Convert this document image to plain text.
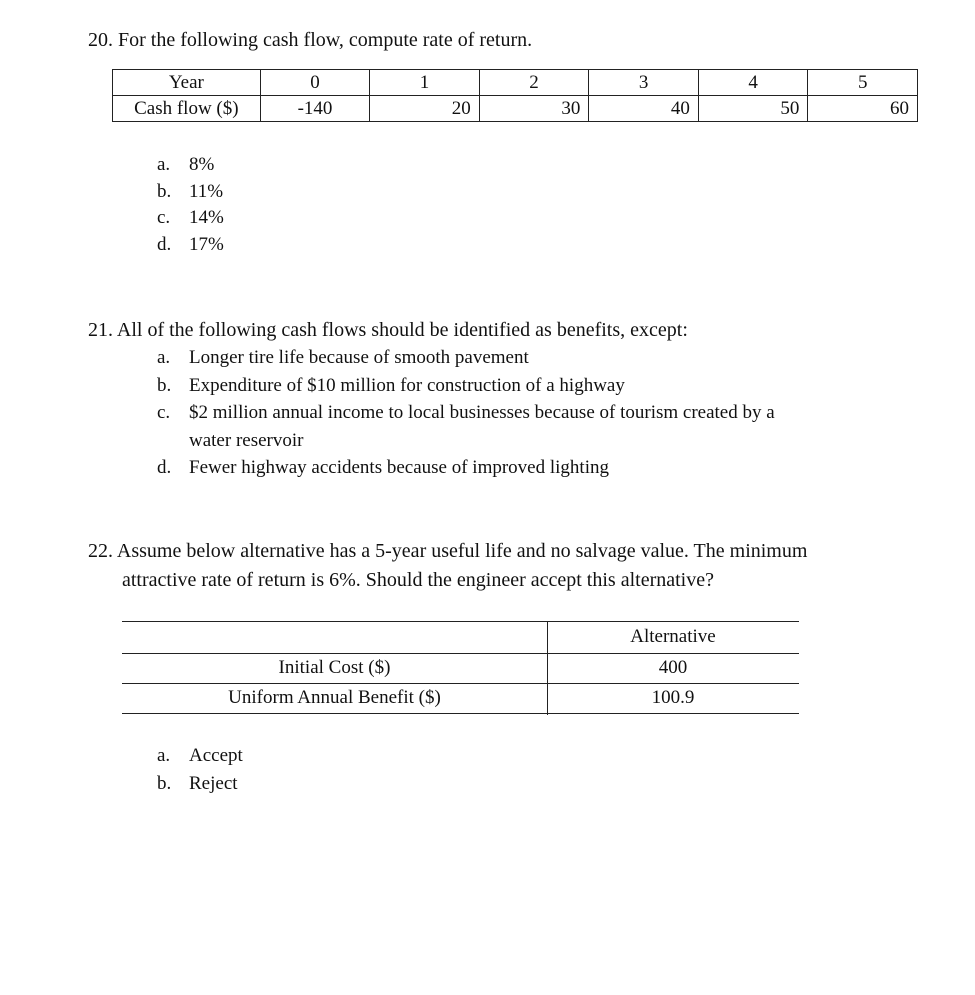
20. For the following cash flow, compute rate of return.
Year	0	1	2	3	4	5
Cash flow ($)	-140	20	30	40	50	60
a. 8%
b. 11%
c. 14%
d. 17%
21. All of the following cash flows should be identified as benefits, except:
a. Longer tire life because of smooth pavement
b. Expenditure of $10 million for construction of a highway
c. $2 million annual income to local businesses because of tourism created by a
water reservoir
d. Fewer highway accidents because of improved lighting
22. Assume below alternative has a 5-year useful life and no salvage value. The minimum
attractive rate of return is 6%. Should the engineer accept this alternative?
Alternative
Initial Cost ($)	400
Uniform Annual Benefit ($)	100.9
a. Accept
b. Reject
